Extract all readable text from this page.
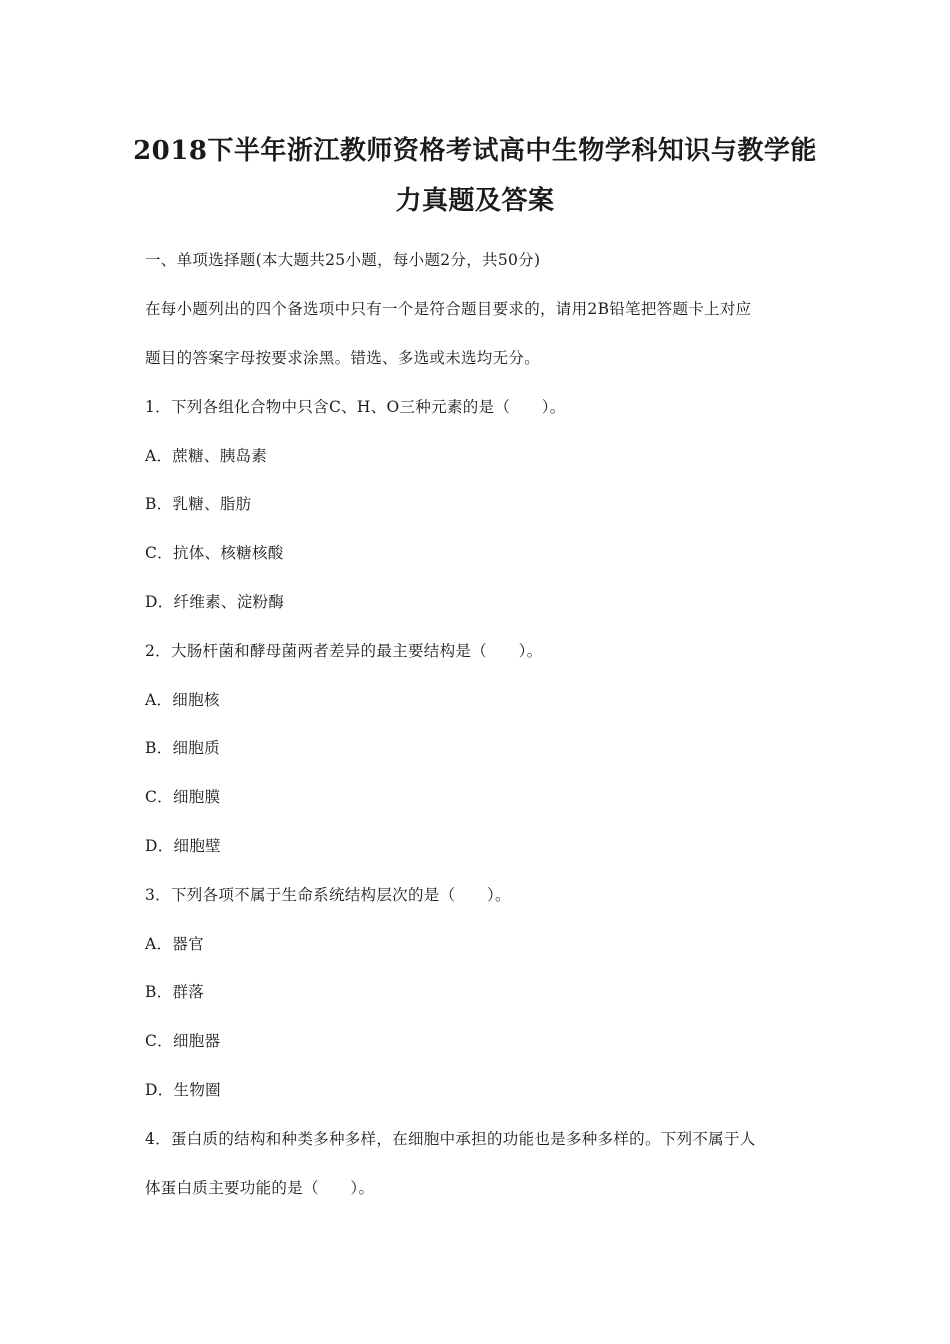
2018下半年浙江教师资格考试高中生物学科知识与教学能
力真题及答案
一、单项选择题(本大题共25小题，每小题2分，共50分)
在每小题列出的四个备选项中只有一个是符合题目要求的，请用2B铅笔把答题卡上对应
题目的答案字母按要求涂黑。错选、多选或未选均无分。
1．下列各组化合物中只含C、H、O三种元素的是（　　）。
A．蔗糖、胰岛素
B．乳糖、脂肪
C．抗体、核糖核酸
D．纤维素、淀粉酶
2．大肠杆菌和酵母菌两者差异的最主要结构是（　　）。
A．细胞核
B．细胞质
C．细胞膜
D．细胞壁
3．下列各项不属于生命系统结构层次的是（　　）。
A．器官
B．群落
C．细胞器
D．生物圈
4．蛋白质的结构和种类多种多样，在细胞中承担的功能也是多种多样的。下列不属于人
体蛋白质主要功能的是（　　）。
